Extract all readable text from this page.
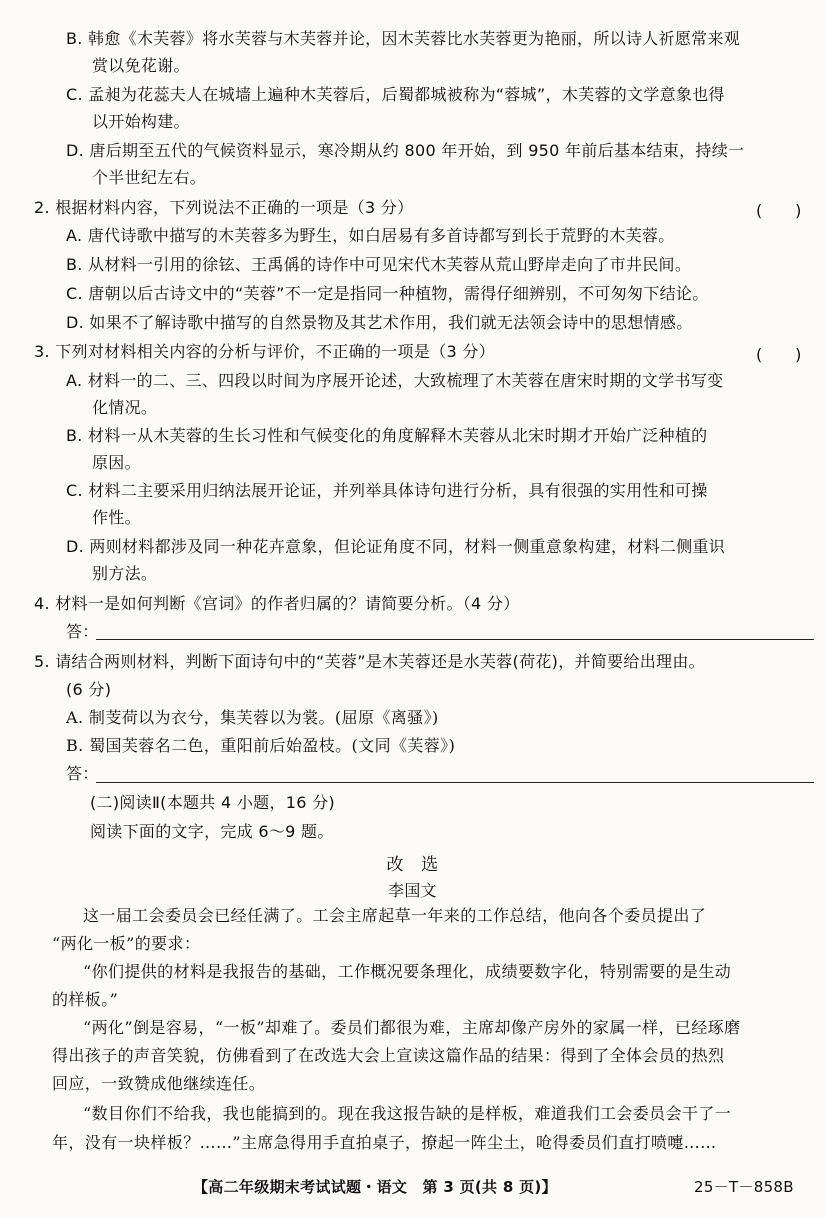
B. 韩愈《木芙蓉》将水芙蓉与木芙蓉并论，因木芙蓉比水芙蓉更为艳丽，所以诗人祈愿常来观
赏以免花谢。
C. 孟昶为花蕊夫人在城墙上遍种木芙蓉后，后蜀都城被称为“蓉城”，木芙蓉的文学意象也得
以开始构建。
D. 唐后期至五代的气候资料显示，寒冷期从约 800 年开始，到 950 年前后基本结束，持续一
个半世纪左右。
2. 根据材料内容，下列说法不正确的一项是（3 分）	(　　)
A. 唐代诗歌中描写的木芙蓉多为野生，如白居易有多首诗都写到长于荒野的木芙蓉。
B. 从材料一引用的徐铉、王禹偁的诗作中可见宋代木芙蓉从荒山野岸走向了市井民间。
C. 唐朝以后古诗文中的“芙蓉”不一定是指同一种植物，需得仔细辨别，不可匆匆下结论。
D. 如果不了解诗歌中描写的自然景物及其艺术作用，我们就无法领会诗中的思想情感。
3. 下列对材料相关内容的分析与评价，不正确的一项是（3 分）	(　　)
A. 材料一的二、三、四段以时间为序展开论述，大致梳理了木芙蓉在唐宋时期的文学书写变
化情况。
B. 材料一从木芙蓉的生长习性和气候变化的角度解释木芙蓉从北宋时期才开始广泛种植的
原因。
C. 材料二主要采用归纳法展开论证，并列举具体诗句进行分析，具有很强的实用性和可操
作性。
D. 两则材料都涉及同一种花卉意象，但论证角度不同，材料一侧重意象构建，材料二侧重识
别方法。
4. 材料一是如何判断《宫词》的作者归属的？请简要分析。（4 分）
答：
5. 请结合两则材料，判断下面诗句中的“芙蓉”是木芙蓉还是水芙蓉(荷花)，并简要给出理由。
(6 分)
A. 制芰荷以为衣兮，集芙蓉以为裳。(屈原《离骚》)
B. 蜀国芙蓉名二色，重阳前后始盈枝。(文同《芙蓉》)
答：
(二)阅读Ⅱ(本题共 4 小题，16 分)
阅读下面的文字，完成 6～9 题。
改　选
李国文
这一届工会委员会已经任满了。工会主席起草一年来的工作总结，他向各个委员提出了
“两化一板”的要求：
“你们提供的材料是我报告的基础，工作概况要条理化，成绩要数字化，特别需要的是生动
的样板。”
“两化”倒是容易，“一板”却难了。委员们都很为难，主席却像产房外的家属一样，已经琢磨
得出孩子的声音笑貌，仿佛看到了在改选大会上宣读这篇作品的结果：得到了全体会员的热烈
回应，一致赞成他继续连任。
“数目你们不给我，我也能搞到的。现在我这报告缺的是样板，难道我们工会委员会干了一
年，没有一块样板？……”主席急得用手直拍桌子，撩起一阵尘土，呛得委员们直打喷嚏……
【高二年级期末考试试题・语文　第 3 页(共 8 页)】	25－T－858B
